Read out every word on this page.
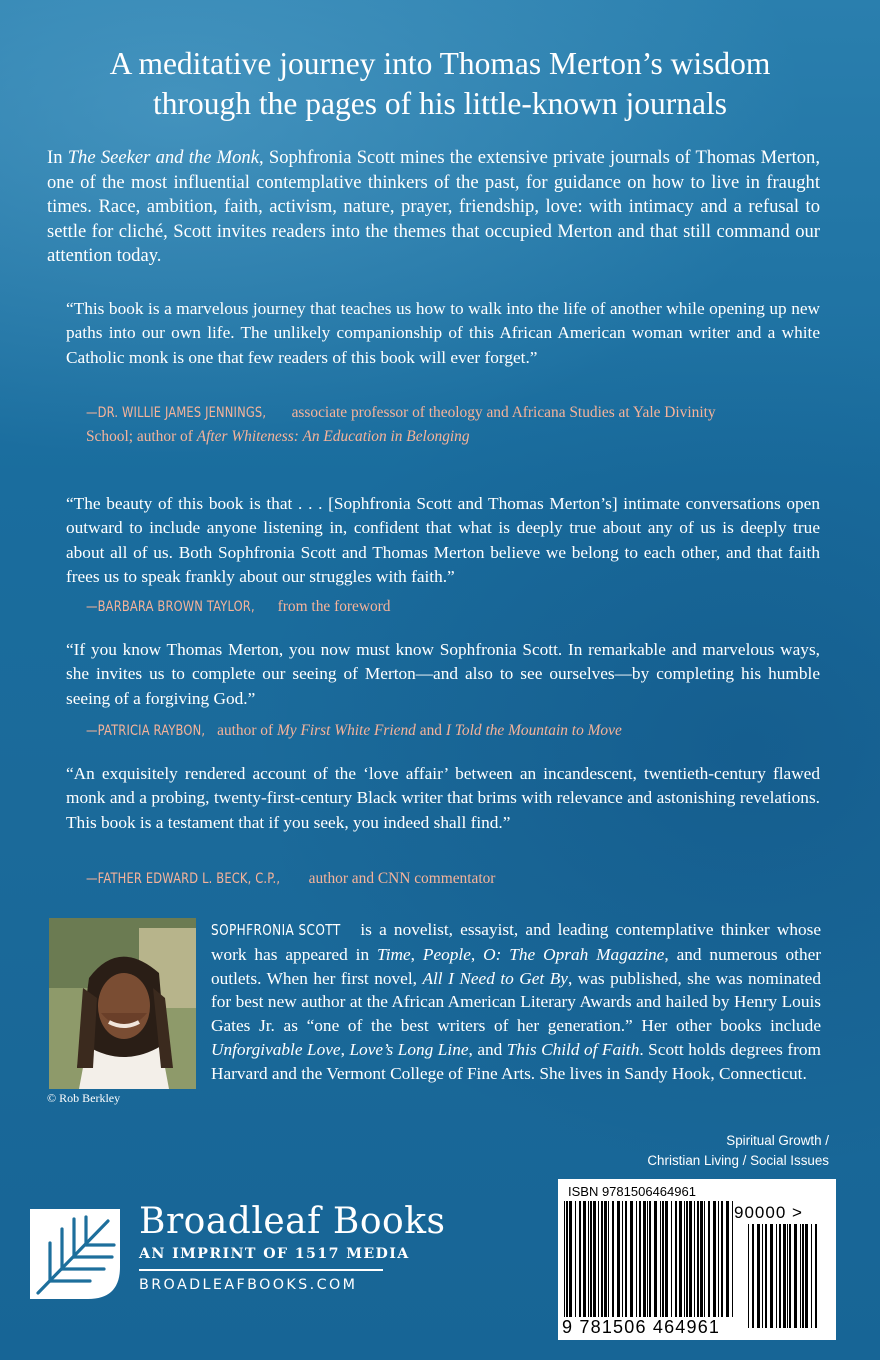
A meditative journey into Thomas Merton’s wisdom
through the pages of his little-known journals
In The Seeker and the Monk, Sophfronia Scott mines the extensive private journals of Thomas Merton, one of the most influential contemplative thinkers of the past, for guidance on how to live in fraught times. Race, ambition, faith, activism, nature, prayer, friendship, love: with intimacy and a refusal to settle for cliché, Scott invites readers into the themes that occupied Merton and that still command our attention today.
“This book is a marvelous journey that teaches us how to walk into the life of another while opening up new paths into our own life. The unlikely companionship of this African American woman writer and a white Catholic monk is one that few readers of this book will ever forget.”
—DR. WILLIE JAMES JENNINGS, associate professor of theology and Africana Studies at Yale Divinity School; author of After Whiteness: An Education in Belonging
“The beauty of this book is that . . . [Sophfronia Scott and Thomas Merton’s] intimate conversations open outward to include anyone listening in, confident that what is deeply true about any of us is deeply true about all of us. Both Sophfronia Scott and Thomas Merton believe we belong to each other, and that faith frees us to speak frankly about our struggles with faith.”
—BARBARA BROWN TAYLOR, from the foreword
“If you know Thomas Merton, you now must know Sophfronia Scott. In remarkable and marvelous ways, she invites us to complete our seeing of Merton—and also to see ourselves—by completing his humble seeing of a forgiving God.”
—PATRICIA RAYBON, author of My First White Friend and I Told the Mountain to Move
“An exquisitely rendered account of the ‘love affair’ between an incandescent, twentieth-century flawed monk and a probing, twenty-first-century Black writer that brims with relevance and astonishing revelations. This book is a testament that if you seek, you indeed shall find.”
—FATHER EDWARD L. BECK, C.P., author and CNN commentator
© Rob Berkley
SOPHFRONIA SCOTT is a novelist, essayist, and leading contemplative thinker whose work has appeared in Time, People, O: The Oprah Magazine, and numerous other outlets. When her first novel, All I Need to Get By, was published, she was nominated for best new author at the African American Literary Awards and hailed by Henry Louis Gates Jr. as “one of the best writers of her generation.” Her other books include Unforgivable Love, Love’s Long Line, and This Child of Faith. Scott holds degrees from Harvard and the Vermont College of Fine Arts. She lives in Sandy Hook, Connecticut.
Spiritual Growth /
Christian Living / Social Issues
Broadleaf Books
AN IMPRINT OF 1517 MEDIA
BROADLEAFBOOKS.COM
ISBN 9781506464961
90000 >
9 781506 464961
